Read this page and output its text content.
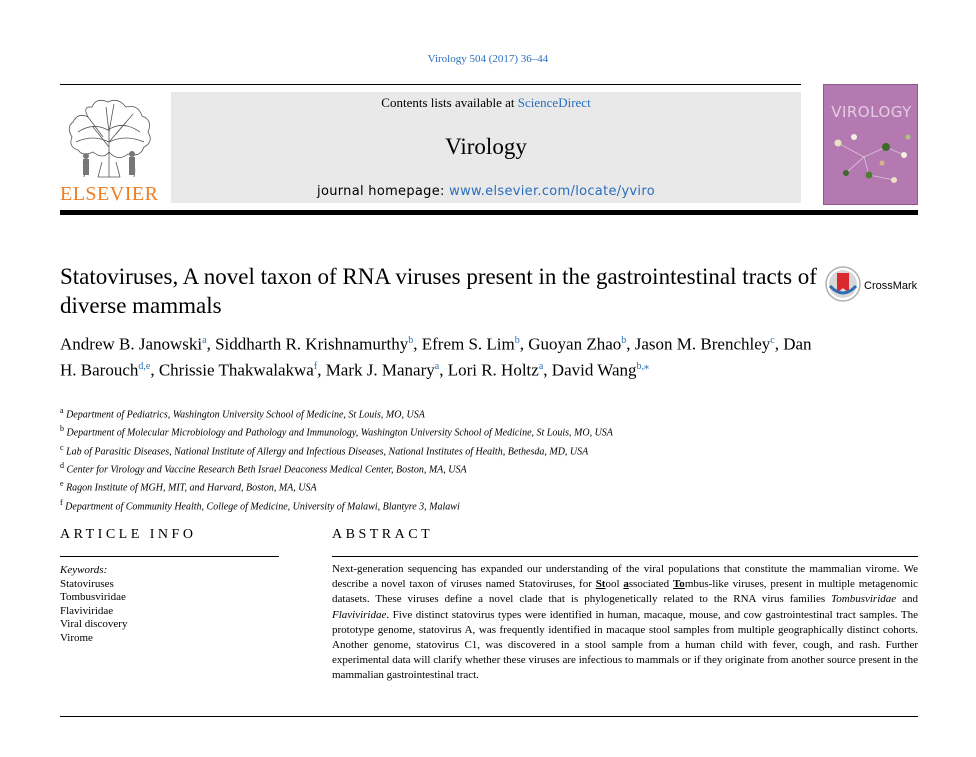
Virology 504 (2017) 36–44
ELSEVIER
Contents lists available at ScienceDirect
Virology
journal homepage: www.elsevier.com/locate/yviro
VIROLOGY
Statoviruses, A novel taxon of RNA viruses present in the gastrointestinal tracts of diverse mammals
CrossMark
Andrew B. Janowski$^a$, Siddharth R. Krishnamurthy$^b$, Efrem S. Lim$^b$, Guoyan Zhao$^b$, Jason M. Brenchley$^c$, Dan H. Barouch$^{d,e}$, Chrissie Thakwalakwa$^f$, Mark J. Manary$^a$, Lori R. Holtz$^a$, David Wang$^{b,⁎}$
$^a$ Department of Pediatrics, Washington University School of Medicine, St Louis, MO, USA
$^b$ Department of Molecular Microbiology and Pathology and Immunology, Washington University School of Medicine, St Louis, MO, USA
$^c$ Lab of Parasitic Diseases, National Institute of Allergy and Infectious Diseases, National Institutes of Health, Bethesda, MD, USA
$^d$ Center for Virology and Vaccine Research Beth Israel Deaconess Medical Center, Boston, MA, USA
$^e$ Ragon Institute of MGH, MIT, and Harvard, Boston, MA, USA
$^f$ Department of Community Health, College of Medicine, University of Malawi, Blantyre 3, Malawi
ARTICLE INFO	ABSTRACT
Keywords:
Statoviruses
Tombusviridae
Flaviviridae
Viral discovery
Virome
Next-generation sequencing has expanded our understanding of the viral populations that constitute the mammalian virome. We describe a novel taxon of viruses named Statoviruses, for Stool associated Tombus-like viruses, present in multiple metagenomic datasets. These viruses define a novel clade that is phylogenetically related to the RNA virus families Tombusviridae and Flaviviridae. Five distinct statovirus types were identified in human, macaque, mouse, and cow gastrointestinal tract samples. The prototype genome, statovirus A, was frequently identified in macaque stool samples from multiple geographically distinct cohorts. Another genome, statovirus C1, was discovered in a stool sample from a human child with fever, cough, and rash. Further experimental data will clarify whether these viruses are infectious to mammals or if they originate from another source present in the mammalian gastrointestinal tract.
